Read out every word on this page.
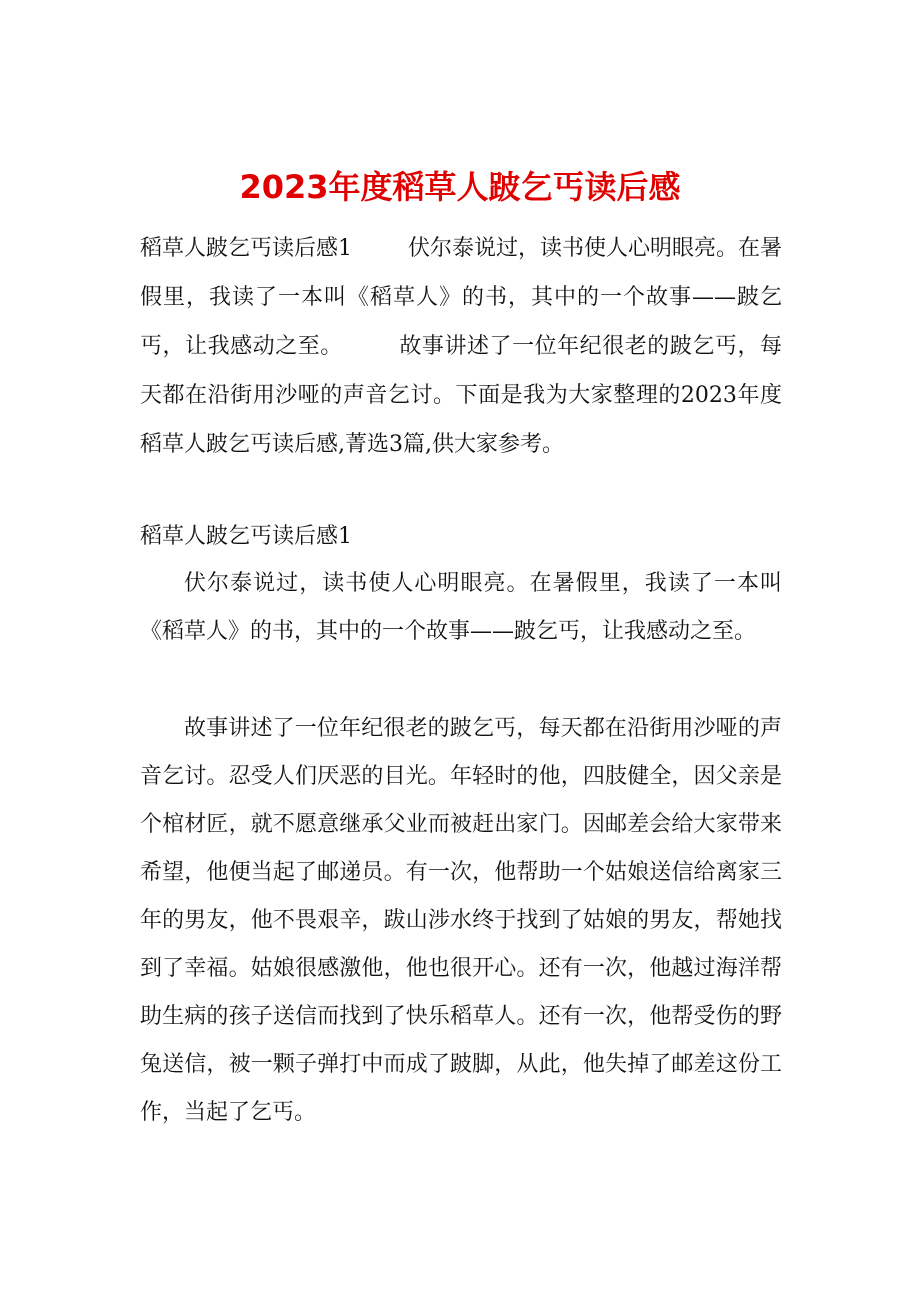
2023年度稻草人跛乞丐读后感
稻草人跛乞丐读后感1	伏尔泰说过，读书使人心明眼亮。在暑假里，我读了一本叫《稻草人》的书，其中的一个故事——跛乞丐，让我感动之至。	故事讲述了一位年纪很老的跛乞丐，每天都在沿街用沙哑的声音乞讨。下面是我为大家整理的2023年度稻草人跛乞丐读后感,菁选3篇,供大家参考。
稻草人跛乞丐读后感1

伏尔泰说过，读书使人心明眼亮。在暑假里，我读了一本叫《稻草人》的书，其中的一个故事——跛乞丐，让我感动之至。

故事讲述了一位年纪很老的跛乞丐，每天都在沿街用沙哑的声音乞讨。忍受人们厌恶的目光。年轻时的他，四肢健全，因父亲是个棺材匠，就不愿意继承父业而被赶出家门。因邮差会给大家带来希望，他便当起了邮递员。有一次，他帮助一个姑娘送信给离家三年的男友，他不畏艰辛，跋山涉水终于找到了姑娘的男友，帮她找到了幸福。姑娘很感激他，他也很开心。还有一次，他越过海洋帮助生病的孩子送信而找到了快乐稻草人。还有一次，他帮受伤的野兔送信，被一颗子弹打中而成了跛脚，从此，他失掉了邮差这份工作，当起了乞丐。
